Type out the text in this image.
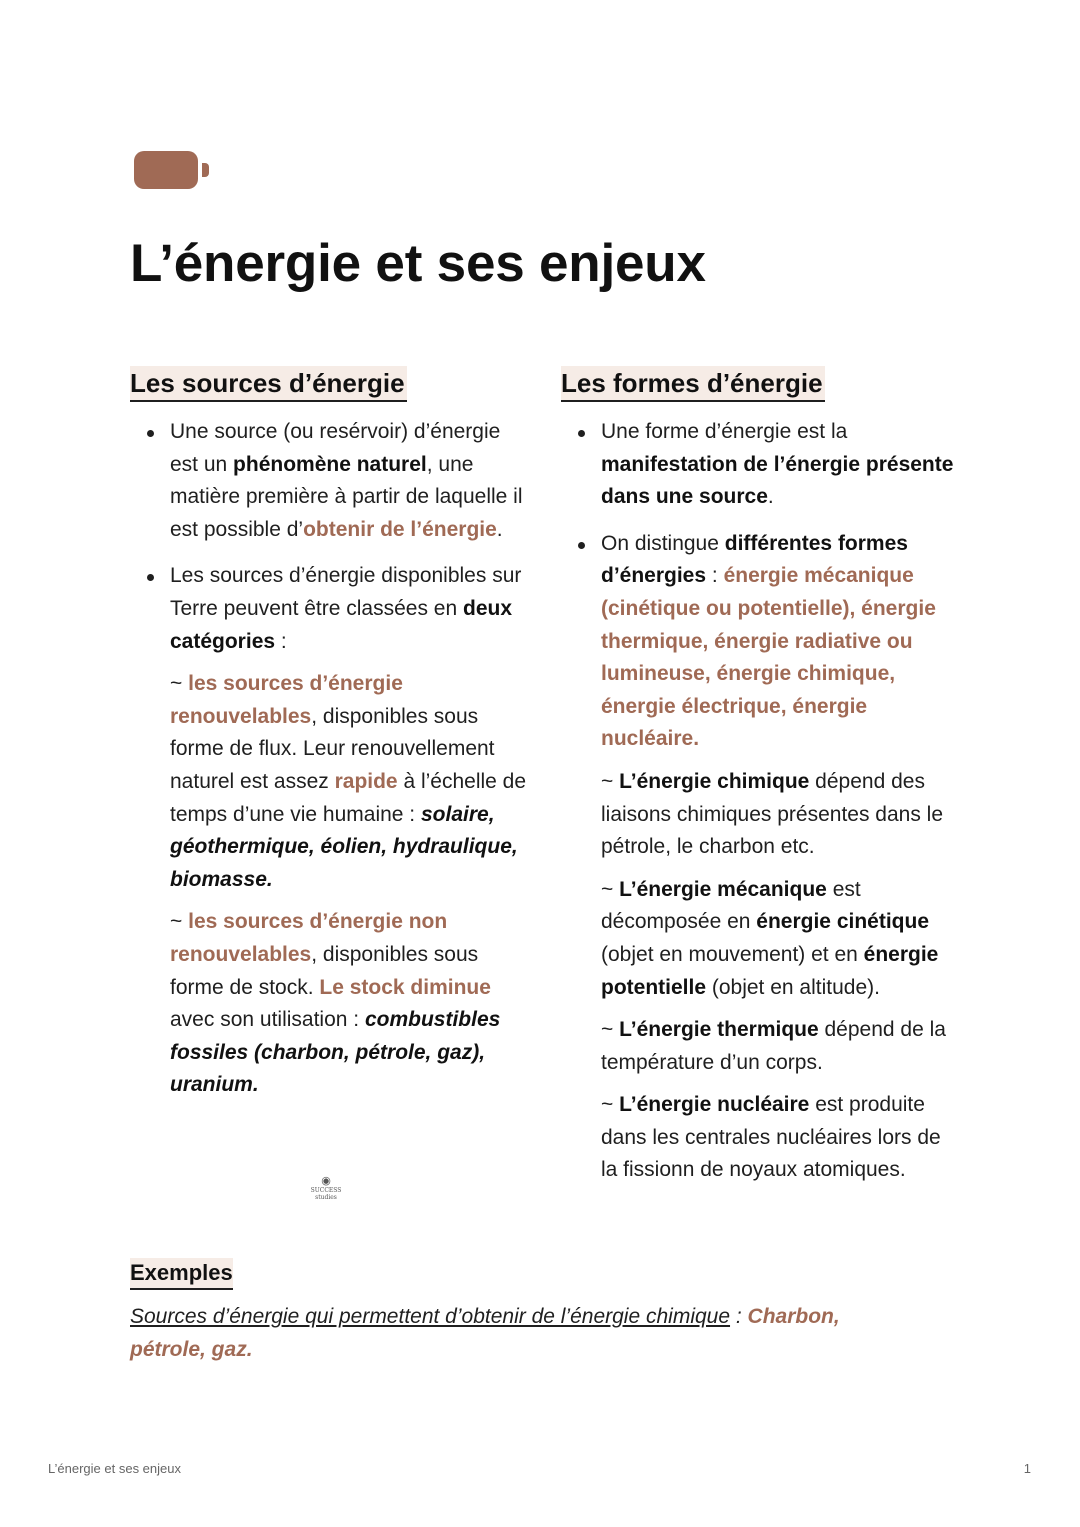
L’énergie et ses enjeux
Les sources d’énergie
Une source (ou resérvoir) d’énergie est un phénomène naturel, une matière première à partir de laquelle il est possible d’obtenir de l’énergie.
Les sources d’énergie disponibles sur Terre peuvent être classées en deux catégories :
~ les sources d’énergie renouvelables, disponibles sous forme de flux. Leur renouvellement naturel est assez rapide à l’échelle de temps d’une vie humaine : solaire, géothermique, éolien, hydraulique, biomasse.
~ les sources d’énergie non renouvelables, disponibles sous forme de stock. Le stock diminue avec son utilisation : combustibles fossiles (charbon, pétrole, gaz), uranium.
Les formes d’énergie
Une forme d’énergie est la manifestation de l’énergie présente dans une source.
On distingue différentes formes d’énergies : énergie mécanique (cinétique ou potentielle), énergie thermique, énergie radiative ou lumineuse, énergie chimique, énergie électrique, énergie nucléaire.
~ L’énergie chimique dépend des liaisons chimiques présentes dans le pétrole, le charbon etc.
~ L’énergie mécanique est décomposée en énergie cinétique (objet en mouvement) et en énergie potentielle (objet en altitude).
~ L’énergie thermique dépend de la température d’un corps.
~ L’énergie nucléaire est produite dans les centrales nucléaires lors de la fissionn de noyaux atomiques.
◉
SUCCESS
studies
Exemples
Sources d’énergie qui permettent d’obtenir de l’énergie chimique : Charbon, pétrole, gaz.
L’énergie et ses enjeux	1
